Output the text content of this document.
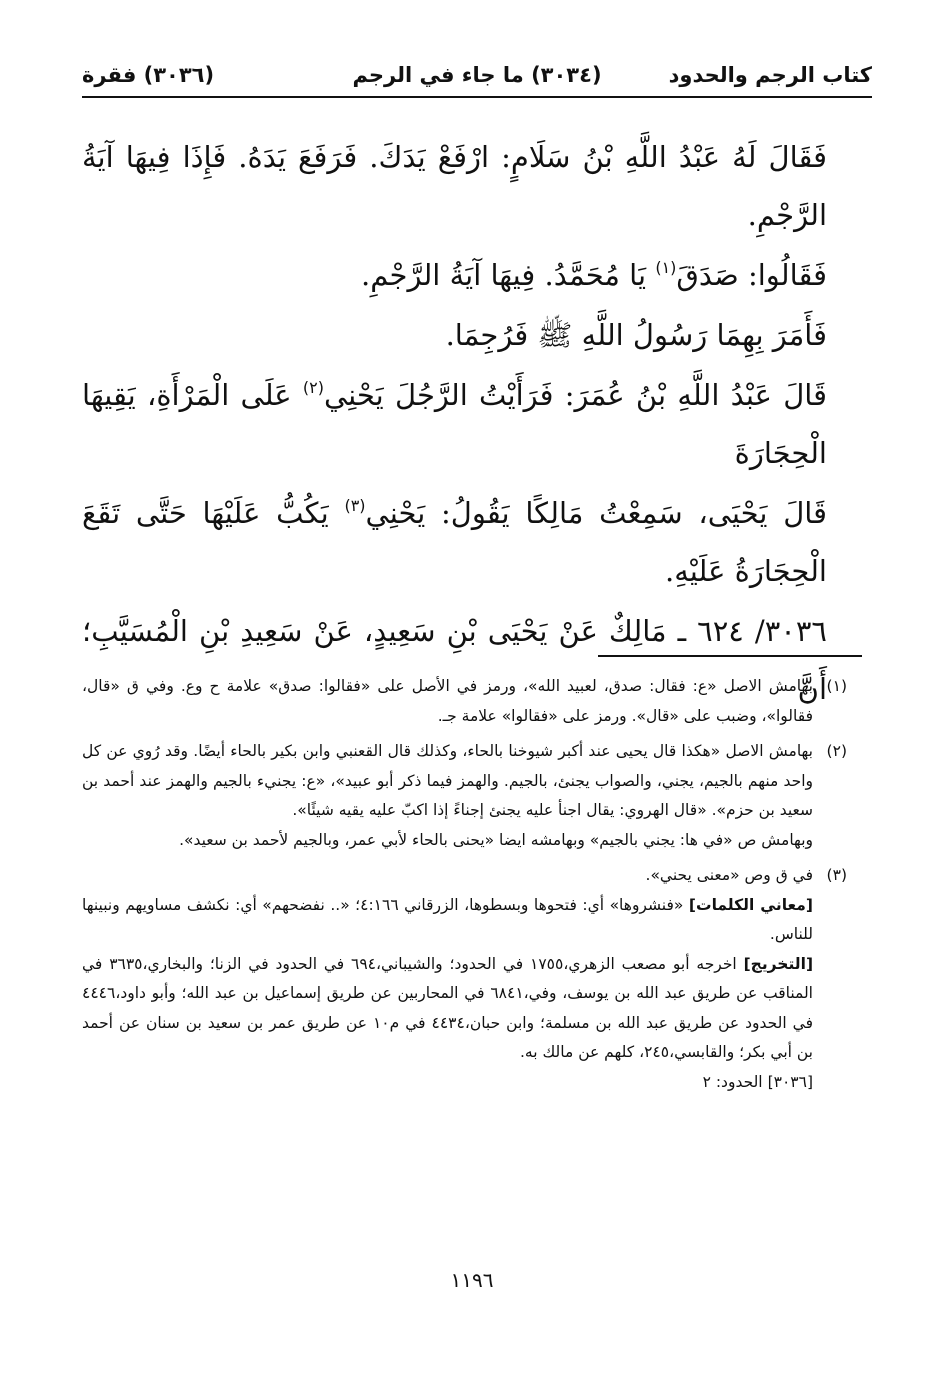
كتاب الرجم والحدود
(٣٠٣٤) ما جاء في الرجم
(٣٠٣٦) فقرة

فَقَالَ لَهُ عَبْدُ اللَّهِ بْنُ سَلَامٍ: ارْفَعْ يَدَكَ. فَرَفَعَ يَدَهُ. فَإِذَا فِيهَا آيَةُ الرَّجْمِ.

فَقَالُوا: صَدَقَ$^{(١)}$ يَا مُحَمَّدُ. فِيهَا آيَةُ الرَّجْمِ.

فَأَمَرَ بِهِمَا رَسُولُ اللَّهِ ﷺ فَرُجِمَا.

قَالَ عَبْدُ اللَّهِ بْنُ عُمَرَ: فَرَأَيْتُ الرَّجُلَ يَحْنِي$^{(٢)}$ عَلَى الْمَرْأَةِ، يَقِيهَا الْحِجَارَةَ

قَالَ يَحْيَى، سَمِعْتُ مَالِكًا يَقُولُ: يَحْنِي$^{(٣)}$ يَكُبُّ عَلَيْهَا حَتَّى تَقَعَ الْحِجَارَةُ عَلَيْهِ.

٣٠٣٦/ ٦٢٤ ـ مَالِكٌ عَنْ يَحْيَى بْنِ سَعِيدٍ، عَنْ سَعِيدِ بْنِ الْمُسَيَّبِ؛ أَنَّ (١)

بهامش الاصل «ع: فقال: صدق، لعبيد الله»، ورمز في الأصل على «فقالوا: صدق» علامة ح وع. وفي ق «قال، فقالوا»، وضبب على «قال». ورمز على «فقالوا» علامة جـ.

(٢)

بهامش الاصل «هكذا قال يحيى عند أكبر شيوخنا بالحاء، وكذلك قال القعنبي وابن بكير بالحاء أيضًا. وقد رُوي عن كل واحد منهم بالجيم، يجني، والصواب يجنئ، بالجيم. والهمز فيما ذكر أبو عبيد»، «ع: يجنيء بالجيم والهمز عند أحمد بن سعيد بن حزم». «قال الهروي: يقال اجنأ عليه يجنئ إجناءً إذا اكبّ عليه يقيه شيئًا».

وبهامش ص «في ها: يجني بالجيم» وبهامشه ايضا «يحنى بالحاء لأبي عمر، وبالجيم لأحمد بن سعيد».

(٣)

في ق وص «معنى يحني».

[معاني الكلمات] «فنشروها» أي: فتحوها وبسطوها، الزرقاني ٤:١٦٦؛ «.. نفضحهم» أي: نكشف مساويهم ونبينها للناس.

[التخريج] اخرجه أبو مصعب الزهري،١٧٥٥ في الحدود؛ والشيباني،٦٩٤ في الحدود في الزنا؛ والبخاري،٣٦٣٥ في المناقب عن طريق عبد الله بن يوسف، وفي،٦٨٤١ في المحاربين عن طريق إسماعيل بن عبد الله؛ وأبو داود،٤٤٤٦ في الحدود عن طريق عبد الله بن مسلمة؛ وابن حبان،٤٤٣٤ في م١٠ عن طريق عمر بن سعيد بن سنان عن أحمد بن أبي بكر؛ والقابسي،٢٤٥، كلهم عن مالك به.

[٣٠٣٦] الحدود: ٢

١١٩٦
